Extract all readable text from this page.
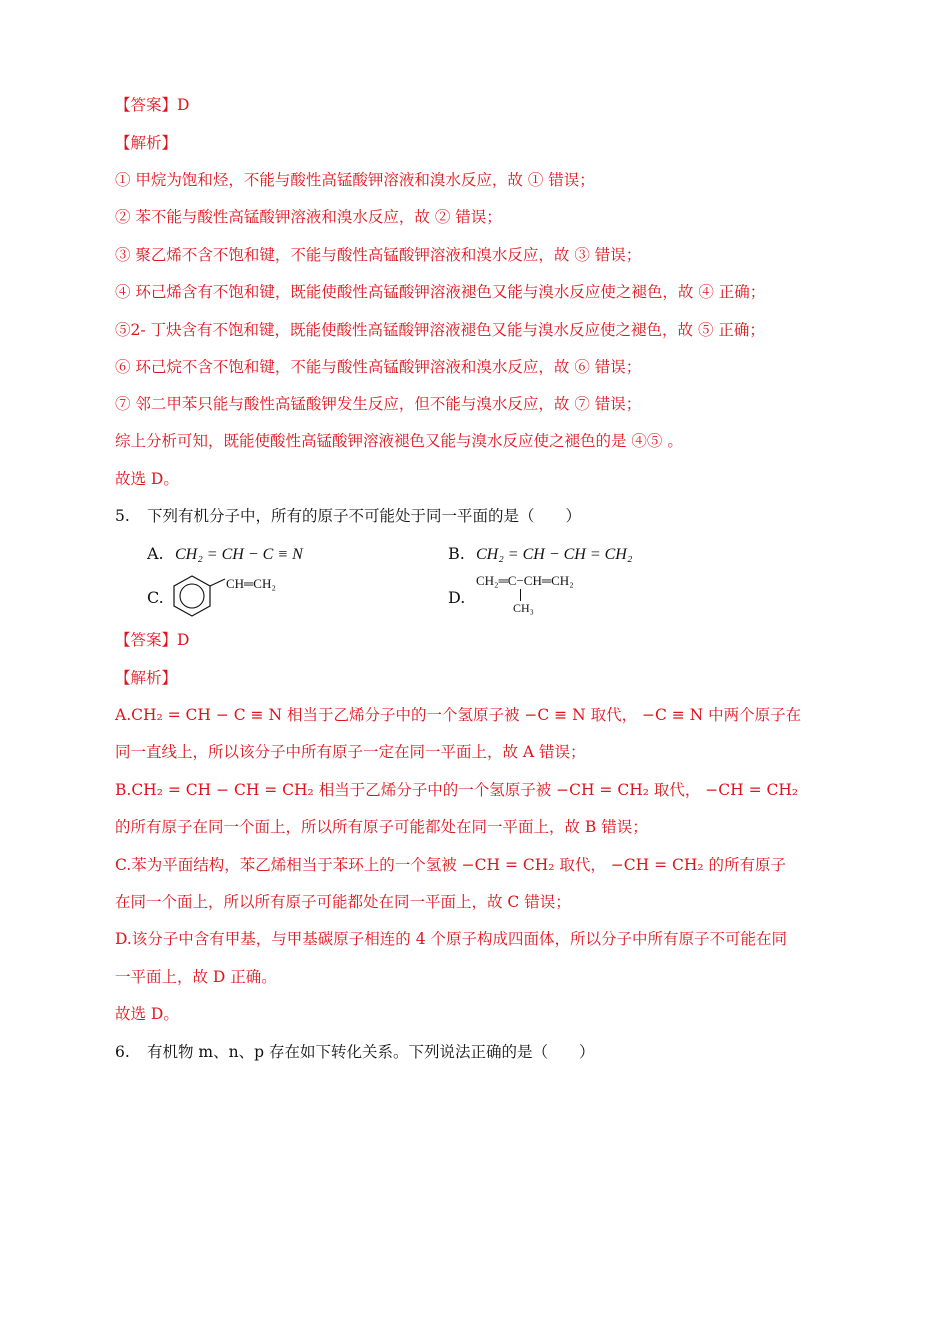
【答案】D
【解析】
① 甲烷为饱和烃，不能与酸性高锰酸钾溶液和溴水反应，故 ① 错误；
② 苯不能与酸性高锰酸钾溶液和溴水反应，故 ② 错误；
③ 聚乙烯不含不饱和键，不能与酸性高锰酸钾溶液和溴水反应，故 ③ 错误；
④ 环己烯含有不饱和键，既能使酸性高锰酸钾溶液褪色又能与溴水反应使之褪色，故 ④ 正确；
⑤2- 丁炔含有不饱和键，既能使酸性高锰酸钾溶液褪色又能与溴水反应使之褪色，故 ⑤ 正确；
⑥ 环己烷不含不饱和键，不能与酸性高锰酸钾溶液和溴水反应，故 ⑥ 错误；
⑦ 邻二甲苯只能与酸性高锰酸钾发生反应，但不能与溴水反应，故 ⑦ 错误；
综上分析可知，既能使酸性高锰酸钾溶液褪色又能与溴水反应使之褪色的是 ④⑤ 。
故选 D。
5. 下列有机分子中，所有的原子不可能处于同一平面的是（　　）
A. CH₂ = CH − C ≡ N	B. CH₂ = CH − CH = CH₂
C.
CH═CH₂
D.
CH₂═C−CH═CH₂
CH₃
【答案】D
【解析】
A.CH₂ = CH − C ≡ N 相当于乙烯分子中的一个氢原子被 −C ≡ N 取代， −C ≡ N 中两个原子在
同一直线上，所以该分子中所有原子一定在同一平面上，故 A 错误；
B.CH₂ = CH − CH = CH₂ 相当于乙烯分子中的一个氢原子被 −CH = CH₂ 取代， −CH = CH₂
的所有原子在同一个面上，所以所有原子可能都处在同一平面上，故 B 错误；
C.苯为平面结构，苯乙烯相当于苯环上的一个氢被 −CH = CH₂ 取代， −CH = CH₂ 的所有原子
在同一个面上，所以所有原子可能都处在同一平面上，故 C 错误；
D.该分子中含有甲基，与甲基碳原子相连的 4 个原子构成四面体，所以分子中所有原子不可能在同
一平面上，故 D 正确。
故选 D。
6. 有机物 m、n、p 存在如下转化关系。下列说法正确的是（　　）
